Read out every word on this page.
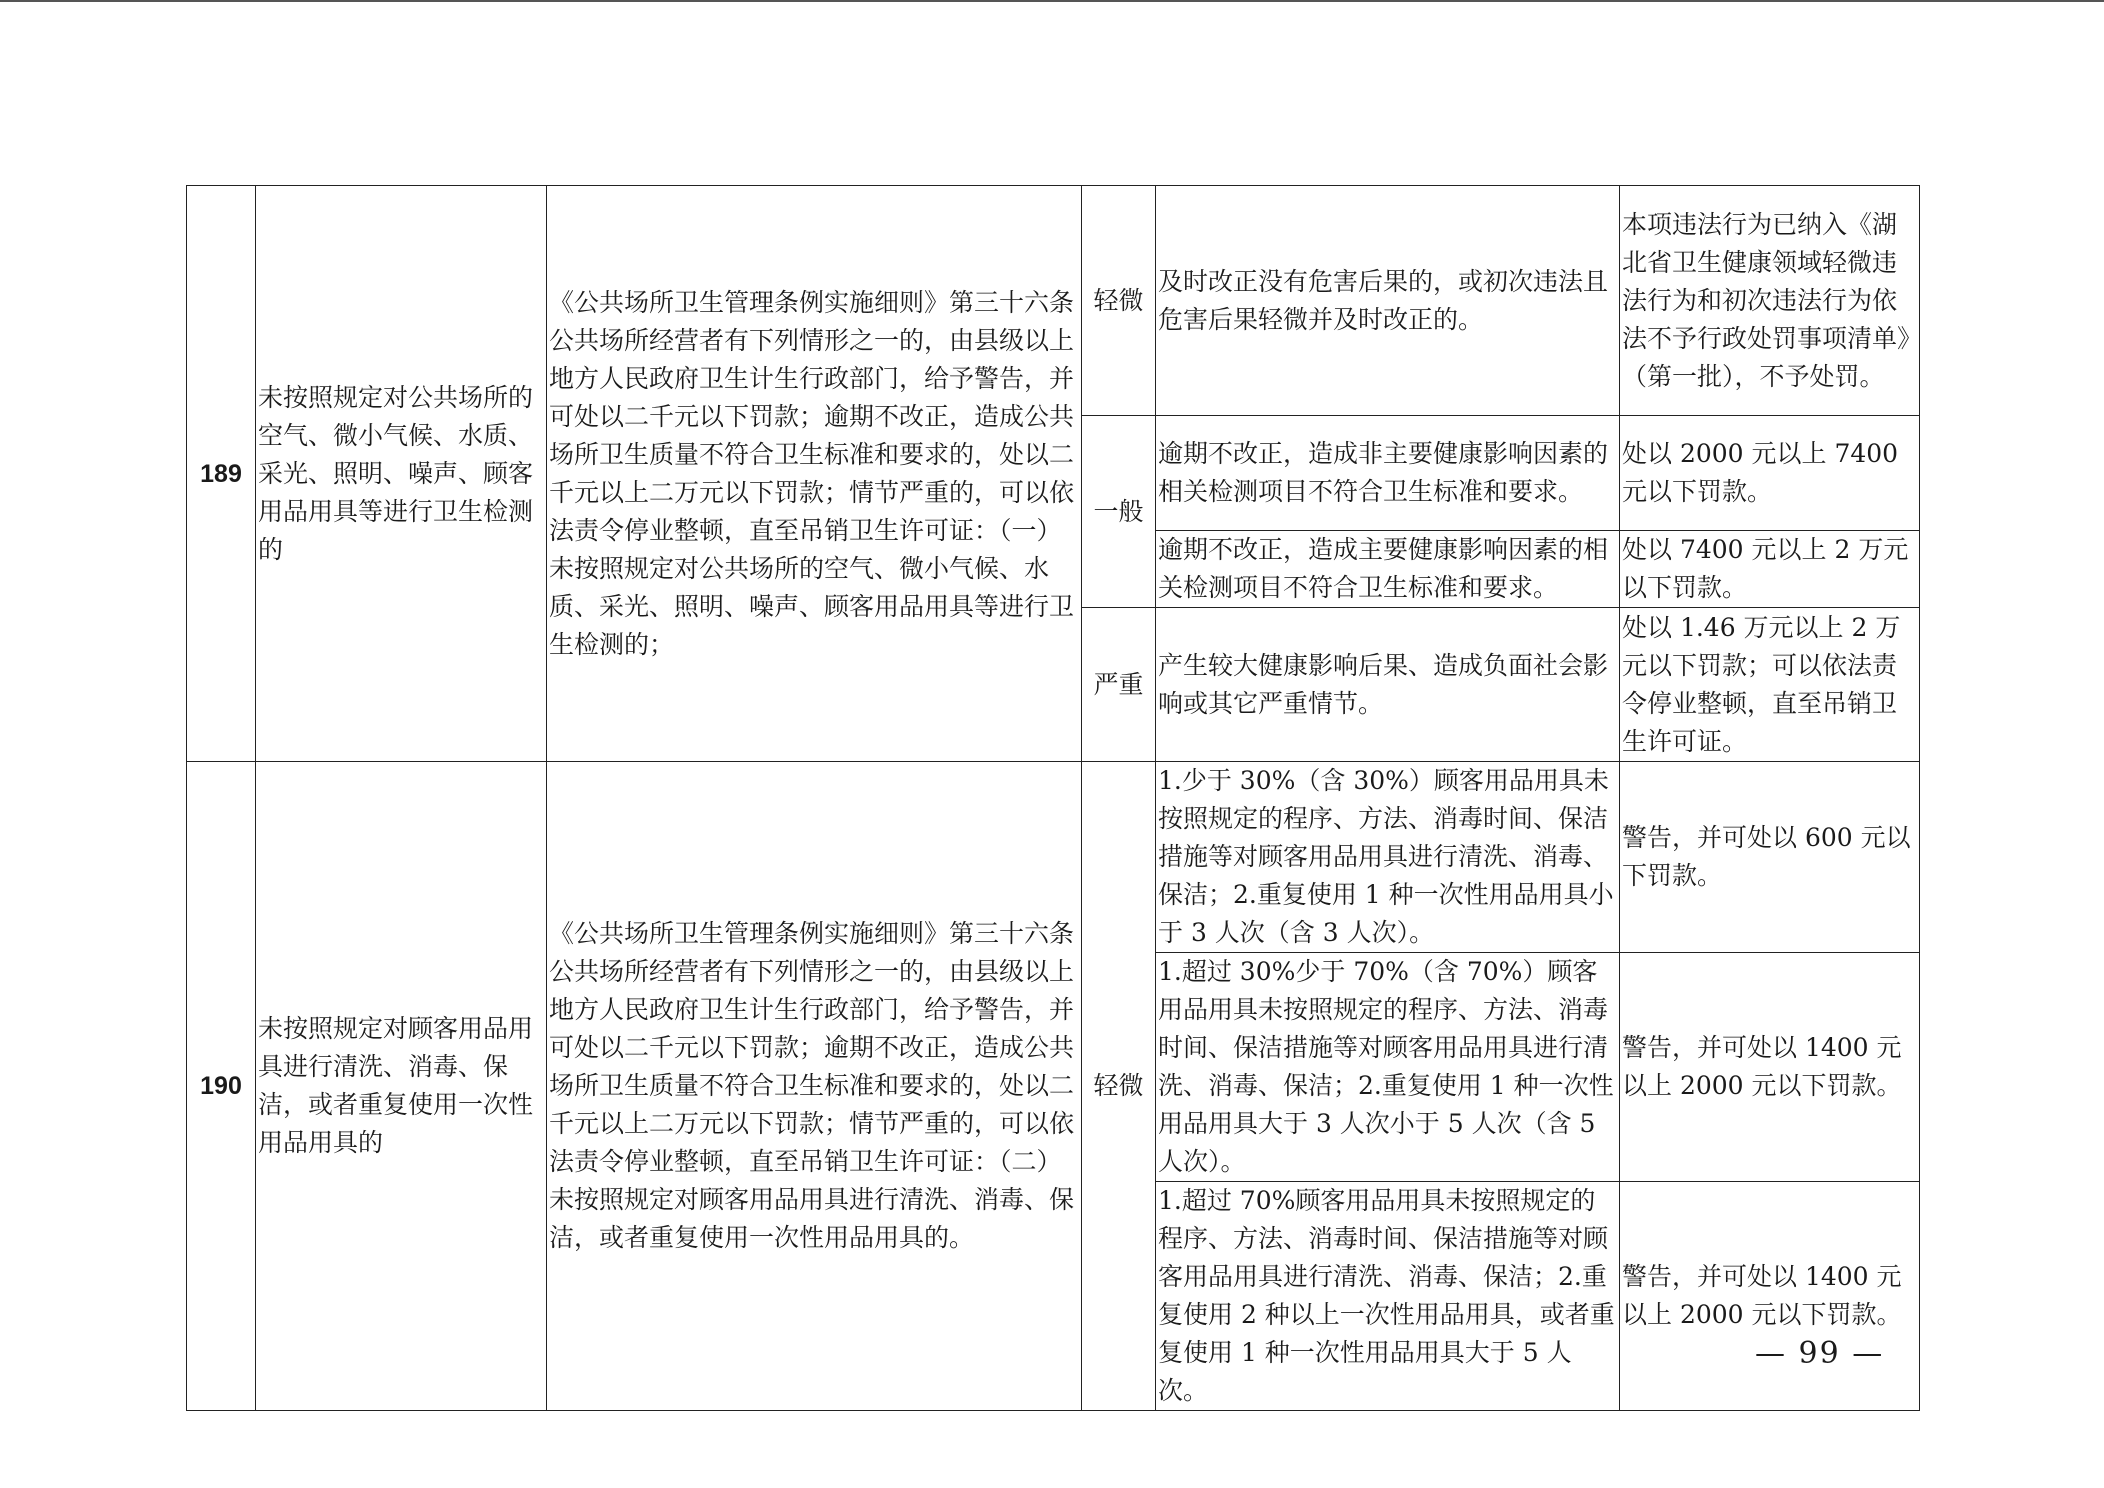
189	未按照规定对公共场所的空气、微小气候、水质、采光、照明、噪声、顾客用品用具等进行卫生检测的	《公共场所卫生管理条例实施细则》第三十六条　公共场所经营者有下列情形之一的，由县级以上地方人民政府卫生计生行政部门，给予警告，并可处以二千元以下罚款；逾期不改正，造成公共场所卫生质量不符合卫生标准和要求的，处以二千元以上二万元以下罚款；情节严重的，可以依法责令停业整顿，直至吊销卫生许可证：（一）未按照规定对公共场所的空气、微小气候、水质、采光、照明、噪声、顾客用品用具等进行卫生检测的；	轻微	及时改正没有危害后果的，或初次违法且危害后果轻微并及时改正的。	本项违法行为已纳入《湖北省卫生健康领域轻微违法行为和初次违法行为依法不予行政处罚事项清单》（第一批），不予处罚。
			一般	逾期不改正，造成非主要健康影响因素的相关检测项目不符合卫生标准和要求。	处以 2000 元以上 7400 元以下罚款。
				逾期不改正，造成主要健康影响因素的相关检测项目不符合卫生标准和要求。	处以 7400 元以上 2 万元以下罚款。
			严重	产生较大健康影响后果、造成负面社会影响或其它严重情节。	处以 1.46 万元以上 2 万元以下罚款；可以依法责令停业整顿，直至吊销卫生许可证。
190	未按照规定对顾客用品用具进行清洗、消毒、保洁，或者重复使用一次性用品用具的	《公共场所卫生管理条例实施细则》第三十六条　公共场所经营者有下列情形之一的，由县级以上地方人民政府卫生计生行政部门，给予警告，并可处以二千元以下罚款；逾期不改正，造成公共场所卫生质量不符合卫生标准和要求的，处以二千元以上二万元以下罚款；情节严重的，可以依法责令停业整顿，直至吊销卫生许可证：（二）未按照规定对顾客用品用具进行清洗、消毒、保洁，或者重复使用一次性用品用具的。	轻微	1.少于 30%（含 30%）顾客用品用具未按照规定的程序、方法、消毒时间、保洁措施等对顾客用品用具进行清洗、消毒、保洁；2.重复使用 1 种一次性用品用具小于 3 人次（含 3 人次）。	警告，并可处以 600 元以下罚款。
				1.超过 30%少于 70%（含 70%）顾客用品用具未按照规定的程序、方法、消毒时间、保洁措施等对顾客用品用具进行清洗、消毒、保洁；2.重复使用 1 种一次性用品用具大于 3 人次小于 5 人次（含 5 人次）。	警告，并可处以 1400 元以上 2000 元以下罚款。
				1.超过 70%顾客用品用具未按照规定的程序、方法、消毒时间、保洁措施等对顾客用品用具进行清洗、消毒、保洁；2.重复使用 2 种以上一次性用品用具，或者重复使用 1 种一次性用品用具大于 5 人次。	警告，并可处以 1400 元以上 2000 元以下罚款。
— 99 —
